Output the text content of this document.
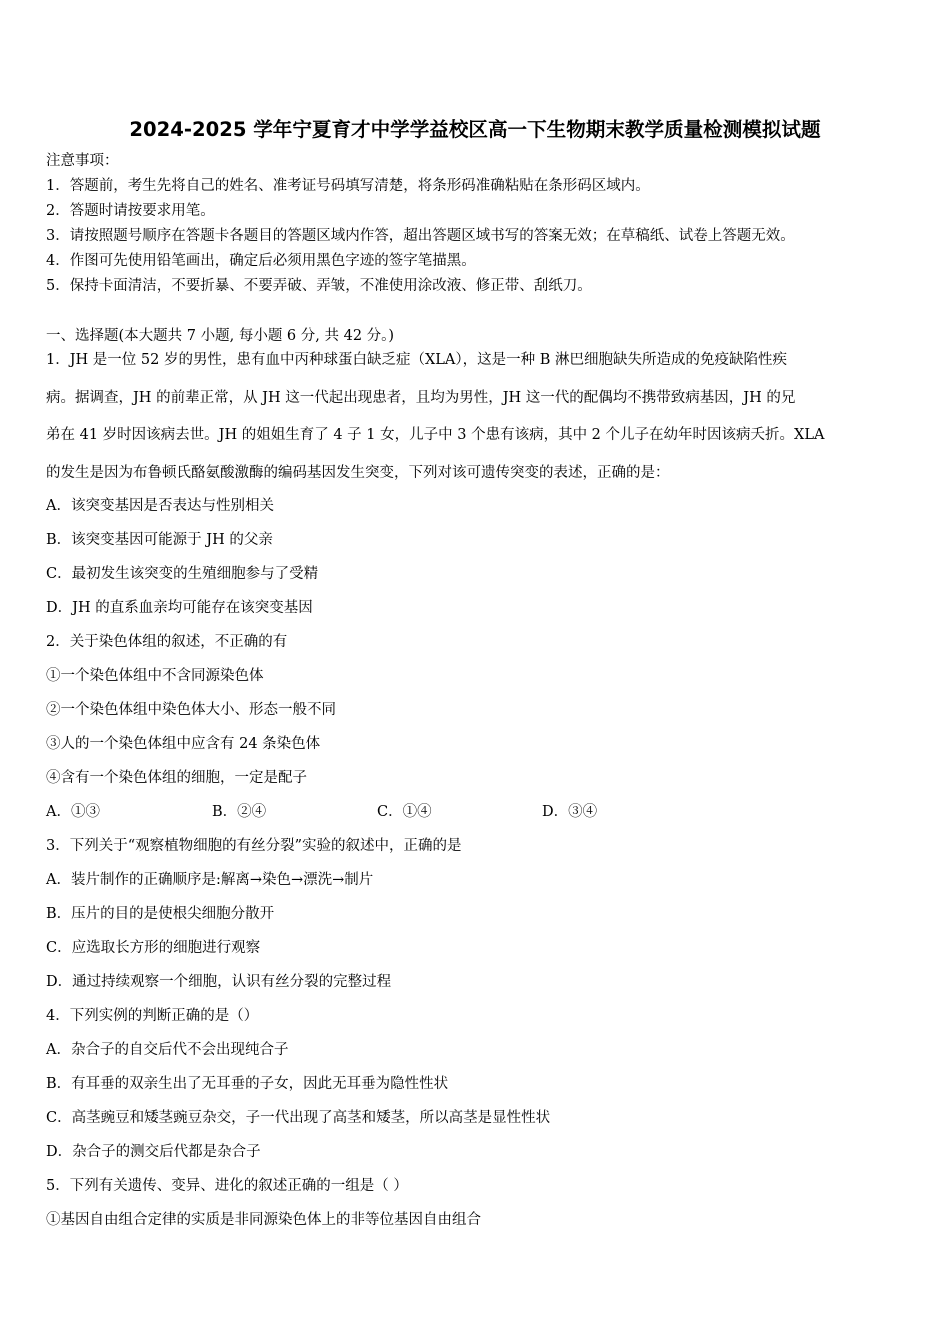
2024-2025 学年宁夏育才中学学益校区高一下生物期末教学质量检测模拟试题
注意事项：
1．答题前，考生先将自己的姓名、准考证号码填写清楚，将条形码准确粘贴在条形码区域内。
2．答题时请按要求用笔。
3．请按照题号顺序在答题卡各题目的答题区域内作答，超出答题区域书写的答案无效；在草稿纸、试卷上答题无效。
4．作图可先使用铅笔画出，确定后必须用黑色字迹的签字笔描黑。
5．保持卡面清洁，不要折暴、不要弄破、弄皱，不准使用涂改液、修正带、刮纸刀。
一、选择题(本大题共 7 小题, 每小题 6 分, 共 42 分。)
1．JH 是一位 52 岁的男性，患有血中丙种球蛋白缺乏症（XLA），这是一种 B 淋巴细胞缺失所造成的免疫缺陷性疾
病。据调查，JH 的前辈正常，从 JH 这一代起出现患者，且均为男性，JH 这一代的配偶均不携带致病基因，JH 的兄
弟在 41 岁时因该病去世。JH 的姐姐生育了 4 子 1 女，儿子中 3 个患有该病，其中 2 个儿子在幼年时因该病夭折。XLA
的发生是因为布鲁顿氏酪氨酸激酶的编码基因发生突变，下列对该可遗传突变的表述，正确的是：
A．该突变基因是否表达与性别相关
B．该突变基因可能源于 JH 的父亲
C．最初发生该突变的生殖细胞参与了受精
D．JH 的直系血亲均可能存在该突变基因
2．关于染色体组的叙述，不正确的有
①一个染色体组中不含同源染色体
②一个染色体组中染色体大小、形态一般不同
③人的一个染色体组中应含有 24 条染色体
④含有一个染色体组的细胞，一定是配子
A．①③	B．②④	C．①④	D．③④
3．下列关于“观察植物细胞的有丝分裂”实验的叙述中，正确的是
A．装片制作的正确顺序是:解离→染色→漂洗→制片
B．压片的目的是使根尖细胞分散开
C．应选取长方形的细胞进行观察
D．通过持续观察一个细胞，认识有丝分裂的完整过程
4．下列实例的判断正确的是（）
A．杂合子的自交后代不会出现纯合子
B．有耳垂的双亲生出了无耳垂的子女，因此无耳垂为隐性性状
C．高茎豌豆和矮茎豌豆杂交，子一代出现了高茎和矮茎，所以高茎是显性性状
D．杂合子的测交后代都是杂合子
5．下列有关遗传、变异、进化的叙述正确的一组是（ ）
①基因自由组合定律的实质是非同源染色体上的非等位基因自由组合
